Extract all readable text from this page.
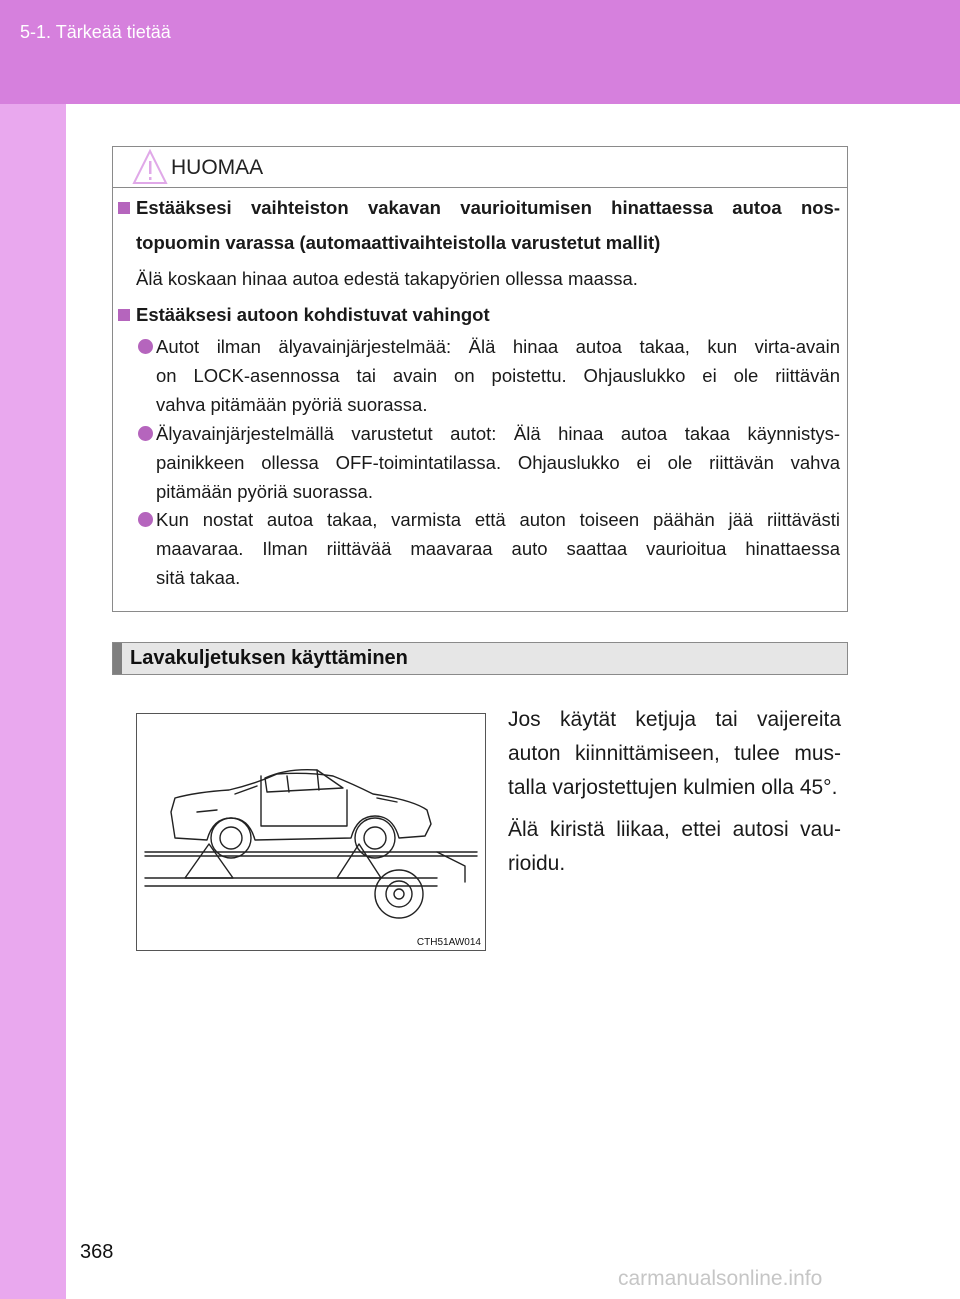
5-1. Tärkeää tietää
HUOMAA
Estääksesi vaihteiston vakavan vaurioitumisen hinattaessa autoa nos-
topuomin varassa (automaattivaihteistolla varustetut mallit)
Älä koskaan hinaa autoa edestä takapyörien ollessa maassa.
Estääksesi autoon kohdistuvat vahingot
Autot ilman älyavainjärjestelmää: Älä hinaa autoa takaa, kun virta-avain
on LOCK-asennossa tai avain on poistettu. Ohjauslukko ei ole riittävän
vahva pitämään pyöriä suorassa.
Älyavainjärjestelmällä varustetut autot: Älä hinaa autoa takaa käynnistys-
painikkeen ollessa OFF-toimintatilassa. Ohjauslukko ei ole riittävän vahva
pitämään pyöriä suorassa.
Kun nostat autoa takaa, varmista että auton toiseen päähän jää riittävästi
maavaraa. Ilman riittävää maavaraa auto saattaa vaurioitua hinattaessa
sitä takaa.
Lavakuljetuksen käyttäminen
CTH51AW014
Jos käytät ketjuja tai vaijereita
auton kiinnittämiseen, tulee mus-
talla varjostettujen kulmien olla 45°.
Älä kiristä liikaa, ettei autosi vau-
rioidu.
368
carmanualsonline.info
